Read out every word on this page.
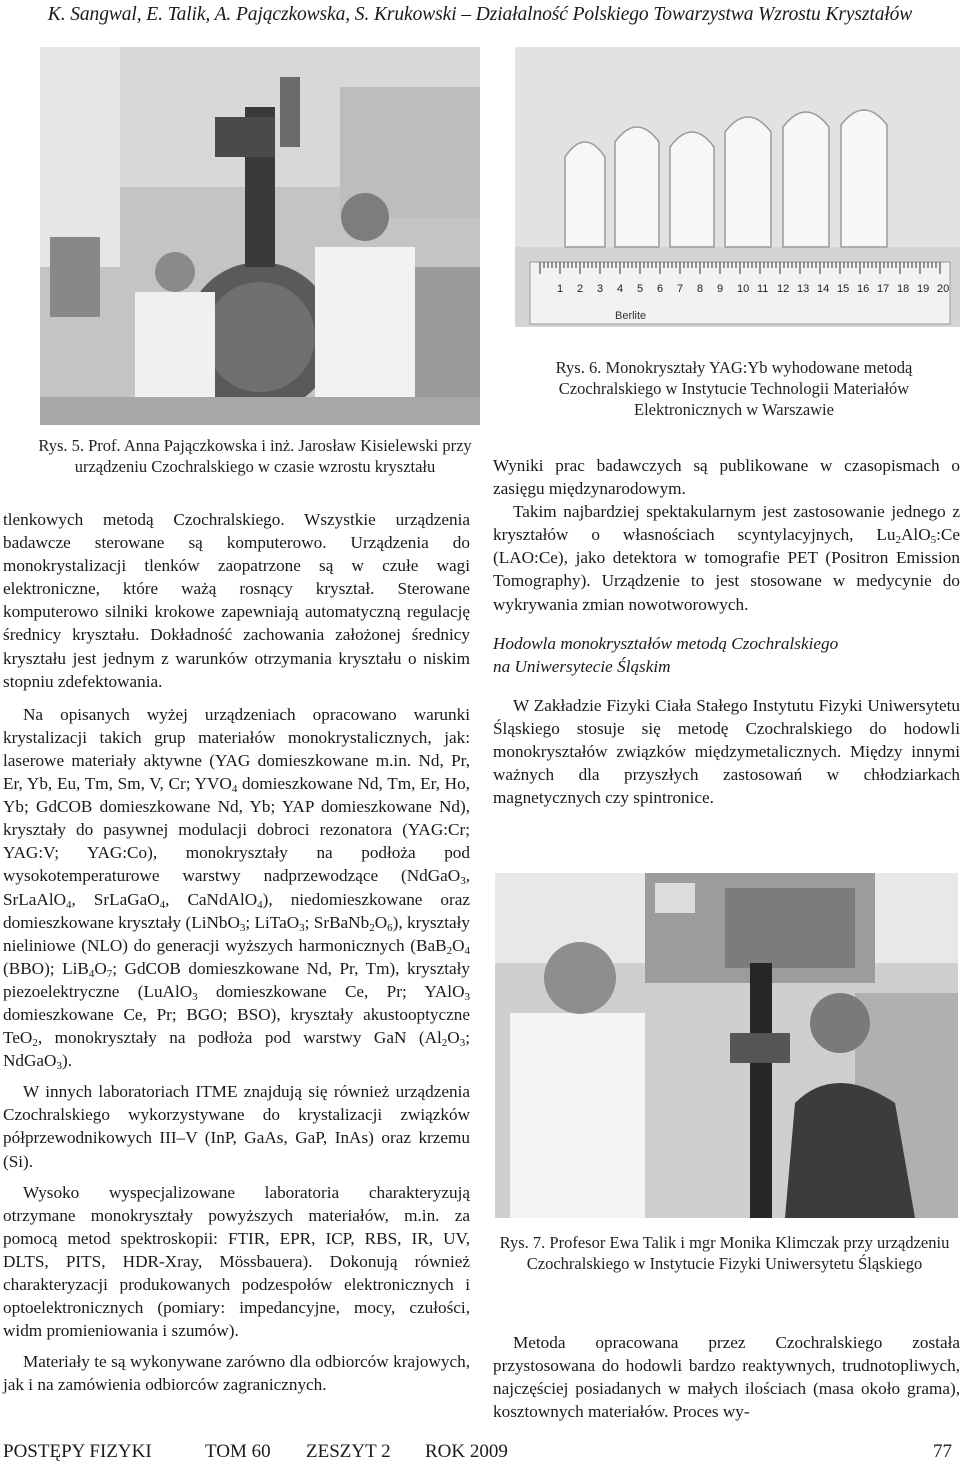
K. Sangwal, E. Talik, A. Pajączkowska, S. Krukowski – Działalność Polskiego Towarzystwa Wzrostu Kryształów
1 2 3 4 5 6 7 8 9 10 11 12 13 14 15 16 17 18 19 20
Berlite
Rys. 6. Monokryształy YAG:Yb wyhodowane metodą Czochralskiego w Instytucie Technologii Materiałów Elektronicznych w Warszawie
Rys. 5. Prof. Anna Pajączkowska i inż. Jarosław Kisielewski przy urządzeniu Czochralskiego w czasie wzrostu kryształu

tlenkowych metodą Czochralskiego. Wszystkie urządzenia badawcze sterowane są komputerowo. Urządzenia do monokrystalizacji tlenków zaopatrzone są w czułe wagi elektroniczne, które ważą rosnący kryształ. Sterowane komputerowo silniki krokowe zapewniają automatyczną regulację średnicy kryształu. Dokładność zachowania założonej średnicy kryształu jest jednym z warunków otrzymania kryształu o niskim stopniu zdefektowania.

Na opisanych wyżej urządzeniach opracowano warunki krystalizacji takich grup materiałów monokrystalicznych, jak: laserowe materiały aktywne (YAG domieszkowane m.in. Nd, Pr, Er, Yb, Eu, Tm, Sm, V, Cr; $YVO_4$ domieszkowane Nd, Tm, Er, Ho, Yb; GdCOB domieszkowane Nd, Yb; YAP domieszkowane Nd), kryształy do pasywnej modulacji dobroci rezonatora (YAG:Cr; YAG:V; YAG:Co), monokryształy na podłoża pod wysokotemperaturowe warstwy nadprzewodzące (NdGaO$_3$, SrLaAlO$_4$, SrLaGaO$_4$, CaNdAlO$_4$), niedomieszkowane oraz domieszkowane kryształy (LiNbO$_3$; LiTaO$_3$; $SrBaNb_2O_6$), kryształy nieliniowe (NLO) do generacji wyższych harmonicznych ($BaB_2O_4$ (BBO); $LiB_4O_7$; GdCOB domieszkowane Nd, Pr, Tm), kryształy piezoelektryczne (LuAlO$_3$ domieszkowane Ce, Pr; YAlO$_3$ domieszkowane Ce, Pr; BGO; BSO), kryształy akustooptyczne TeO$_2$, monokryształy na podłoża pod warstwy GaN ($Al_2O_3$; NdGaO$_3$).

W innych laboratoriach ITME znajdują się również urządzenia Czochralskiego wykorzystywane do krystalizacji związków półprzewodnikowych III–V (InP, GaAs, GaP, InAs) oraz krzemu (Si).

Wysoko wyspecjalizowane laboratoria charakteryzują otrzymane monokryształy powyższych materiałów, m.in. za pomocą metod spektroskopii: FTIR, EPR, ICP, RBS, IR, UV, DLTS, PITS, HDR-Xray, Mössbauera). Dokonują również charakteryzacji produkowanych podzespołów elektronicznych i optoelektronicznych (pomiary: impedancyjne, mocy, czułości, widm promieniowania i szumów).

Materiały te są wykonywane zarówno dla odbiorców krajowych, jak i na zamówienia odbiorców zagranicznych.

Wyniki prac badawczych są publikowane w czasopismach o zasięgu międzynarodowym.

Takim najbardziej spektakularnym jest zastosowanie jednego z kryształów o własnościach scyntylacyjnych, $Lu_2AlO_5:Ce$ (LAO:Ce), jako detektora w tomografie PET (Positron Emission Tomography). Urządzenie to jest stosowane w medycynie do wykrywania zmian nowotworowych.

Hodowla monokryształów metodą Czochralskiego
na Uniwersytecie Śląskim

W Zakładzie Fizyki Ciała Stałego Instytutu Fizyki Uniwersytetu Śląskiego stosuje się metodę Czochralskiego do hodowli monokryształów związków międzymetalicznych. Między innymi ważnych dla przyszłych zastosowań w chłodziarkach magnetycznych czy spintronice.

Rys. 7. Profesor Ewa Talik i mgr Monika Klimczak przy urządzeniu Czochralskiego w Instytucie Fizyki Uniwersytetu Śląskiego

Metoda opracowana przez Czochralskiego została przystosowana do hodowli bardzo reaktywnych, trudnotopliwych, najczęściej posiadanych w małych ilościach (masa około grama), kosztownych materiałów. Proces wy-

POSTĘPY FIZYKI	TOM 60 ZESZYT 2 ROK 2009	77
